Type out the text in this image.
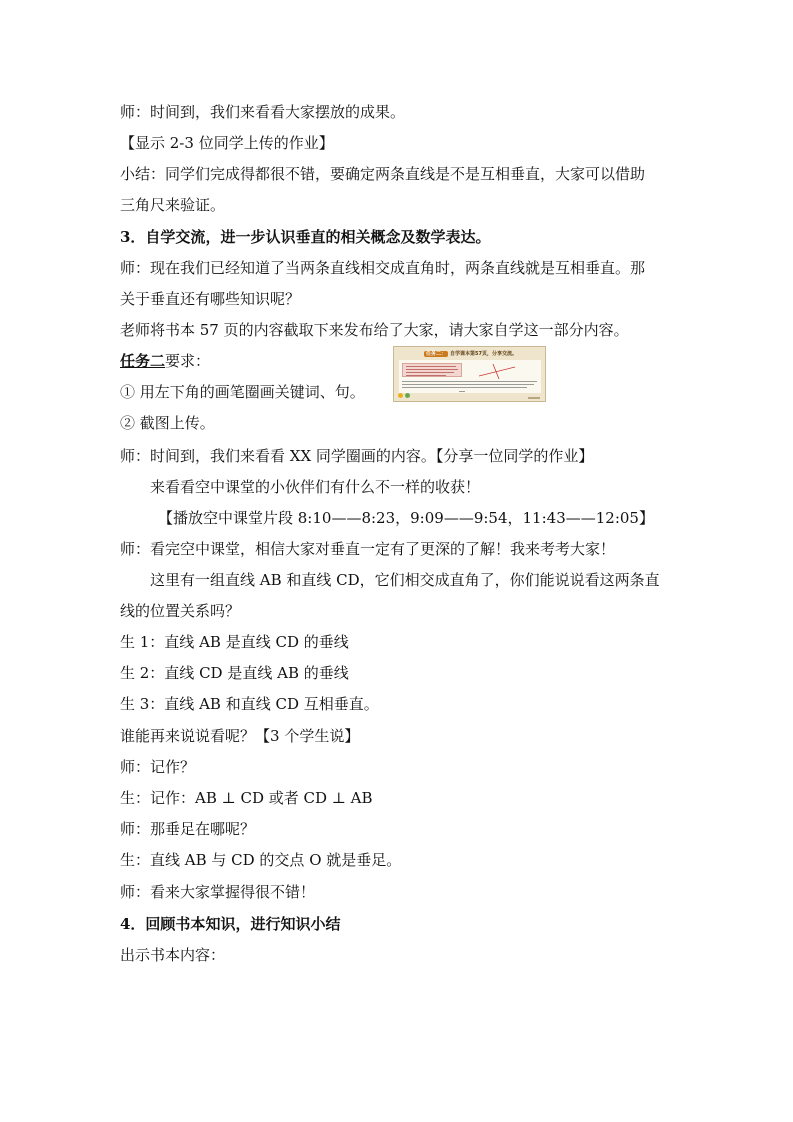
师：时间到，我们来看看大家摆放的成果。
【显示 2-3 位同学上传的作业】
小结：同学们完成得都很不错，要确定两条直线是不是互相垂直，大家可以借助
三角尺来验证。
3．自学交流，进一步认识垂直的相关概念及数学表达。
师：现在我们已经知道了当两条直线相交成直角时，两条直线就是互相垂直。那
关于垂直还有哪些知识呢？
老师将书本 57 页的内容截取下来发布给了大家，请大家自学这一部分内容。
任务二要求：
① 用左下角的画笔圈画关键词、句。
② 截图上传。
任务二： 自学课本第57页，分享交流。
师：时间到，我们来看看 XX 同学圈画的内容。【分享一位同学的作业】
来看看空中课堂的小伙伴们有什么不一样的收获！
【播放空中课堂片段 8:10——8:23，9:09——9:54，11:43——12:05】
师：看完空中课堂，相信大家对垂直一定有了更深的了解！我来考考大家！
这里有一组直线 AB 和直线 CD，它们相交成直角了，你们能说说看这两条直
线的位置关系吗？
生 1：直线 AB 是直线 CD 的垂线
生 2：直线 CD 是直线 AB 的垂线
生 3：直线 AB 和直线 CD 互相垂直。
谁能再来说说看呢？【3 个学生说】
师：记作？
生：记作：AB ⊥ CD 或者 CD ⊥ AB
师：那垂足在哪呢？
生：直线 AB 与 CD 的交点 O 就是垂足。
师：看来大家掌握得很不错！
4．回顾书本知识，进行知识小结
出示书本内容：
